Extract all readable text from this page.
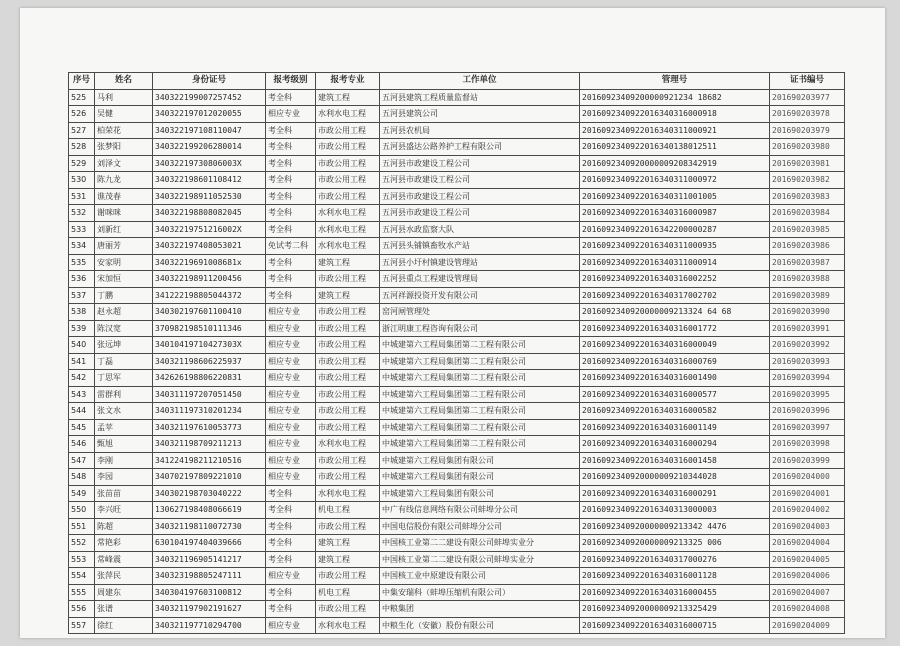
序号	姓名	身份证号	报考级别	报考专业	工作单位	管理号	证书编号
525	马利	340322199007257452	考全科	建筑工程	五河县建筑工程质量监督站	20160923409200000921234 18682	201690203977
526	吴健	340322197012020055	相应专业	水利水电工程	五河县建筑公司	2016092340922016340316000918	201690203978
527	柏荣花	340322197108110047	考全科	市政公用工程	五河县农机局	2016092340922016340311000921	201690203979
528	张梦阳	340322199206280014	考全科	市政公用工程	五河县盛达公路养护工程有限公司	2016092340922016340138012511	201690203980
529	刘泽文	34032219730806003X	考全科	市政公用工程	五河县市政建设工程公司	2016092340920000009208342919	201690203981
530	陈九龙	340322198601108412	考全科	市政公用工程	五河县市政建设工程公司	2016092340922016340311000972	201690203982
531	谯茂春	340322198911052530	考全科	市政公用工程	五河县市政建设工程公司	2016092340922016340311001005	201690203983
532	谢咪咪	340322198808082045	考全科	水利水电工程	五河县市政建设工程公司	2016092340922016340316000987	201690203984
533	刘新红	34032219751216002X	考全科	水利水电工程	五河县水政监察大队	2016092340922016342200000287	201690203985
534	唐丽芳	340322197408053021	免试考二科	水利水电工程	五河县头铺镇畜牧水产站	2016092340922016340311000935	201690203986
535	安家明	34032219691008681x	考全科	建筑工程	五河县小圩村镇建设管理站	2016092340922016340311000914	201690203987
536	宋加恒	340322198911200456	考全科	市政公用工程	五河县重点工程建设管理局	2016092340922016340316002252	201690203988
537	丁鹏	341222198805044372	考全科	建筑工程	五河祥源投资开发有限公司	2016092340922016340317002702	201690203989
538	赵永超	340302197601100410	相应专业	市政公用工程	窑河闸管理处	2016092340920000009213324 64 68	201690203990
539	陈汉宽	370982198510111346	相应专业	市政公用工程	浙江明康工程咨询有限公司	2016092340922016340316001772	201690203991
540	张远坤	34010419710427303X	相应专业	市政公用工程	中城建第六工程局集团第二工程有限公司	2016092340922016340316000049	201690203992
541	丁磊	340321198606225937	相应专业	市政公用工程	中城建第六工程局集团第二工程有限公司	2016092340922016340316000769	201690203993
542	丁思军	342626198806220831	相应专业	市政公用工程	中城建第六工程局集团第二工程有限公司	2016092340922016340316001490	201690203994
543	雷群利	340311197207051450	相应专业	市政公用工程	中城建第六工程局集团第二工程有限公司	2016092340922016340316000577	201690203995
544	张文水	340311197310201234	相应专业	市政公用工程	中城建第六工程局集团第二工程有限公司	2016092340922016340316000582	201690203996
545	孟苹	340321197610053773	相应专业	市政公用工程	中城建第六工程局集团第二工程有限公司	2016092340922016340316001149	201690203997
546	甄旭	340321198709211213	相应专业	水利水电工程	中城建第六工程局集团第二工程有限公司	2016092340922016340316000294	201690203998
547	李刚	341224198211210516	相应专业	市政公用工程	中城建第六工程局集团有限公司	2016092340922016340316001458	201690203999
548	李园	340702197809221010	相应专业	市政公用工程	中城建第六工程局集团有限公司	2016092340920000009210344028	201690204000
549	张苗苗	340302198703040222	考全科	水利水电工程	中城建第六工程局集团有限公司	2016092340922016340316000291	201690204001
550	李兴旺	130627198408066619	考全科	机电工程	中广有线信息网络有限公司蚌埠分公司	2016092340922016340313000003	201690204002
551	陈超	340321198110072730	考全科	市政公用工程	中国电信股份有限公司蚌埠分公司	2016092340920000009213342 4476	201690204003
552	常艳彩	630104197404039666	考全科	建筑工程	中国核工业第二二建设有限公司蚌埠实业分	2016092340920000009213325 006	201690204004
553	常峰震	340321196905141217	考全科	建筑工程	中国核工业第二二建设有限公司蚌埠实业分	2016092340922016340317000276	201690204005
554	张萍民	340323198805247111	相应专业	市政公用工程	中国核工业中原建设有限公司	2016092340922016340316001128	201690204006
555	周建东	340304197603100812	考全科	机电工程	中集安瑞科（蚌埠压缩机有限公司）	2016092340922016340316000455	201690204007
556	张谱	340321197902191627	考全科	市政公用工程	中粮集团	2016092340920000009213325429	201690204008
557	徐红	340321197710294700	相应专业	水利水电工程	中粮生化（安徽）股份有限公司	2016092340922016340316000715	201690204009
